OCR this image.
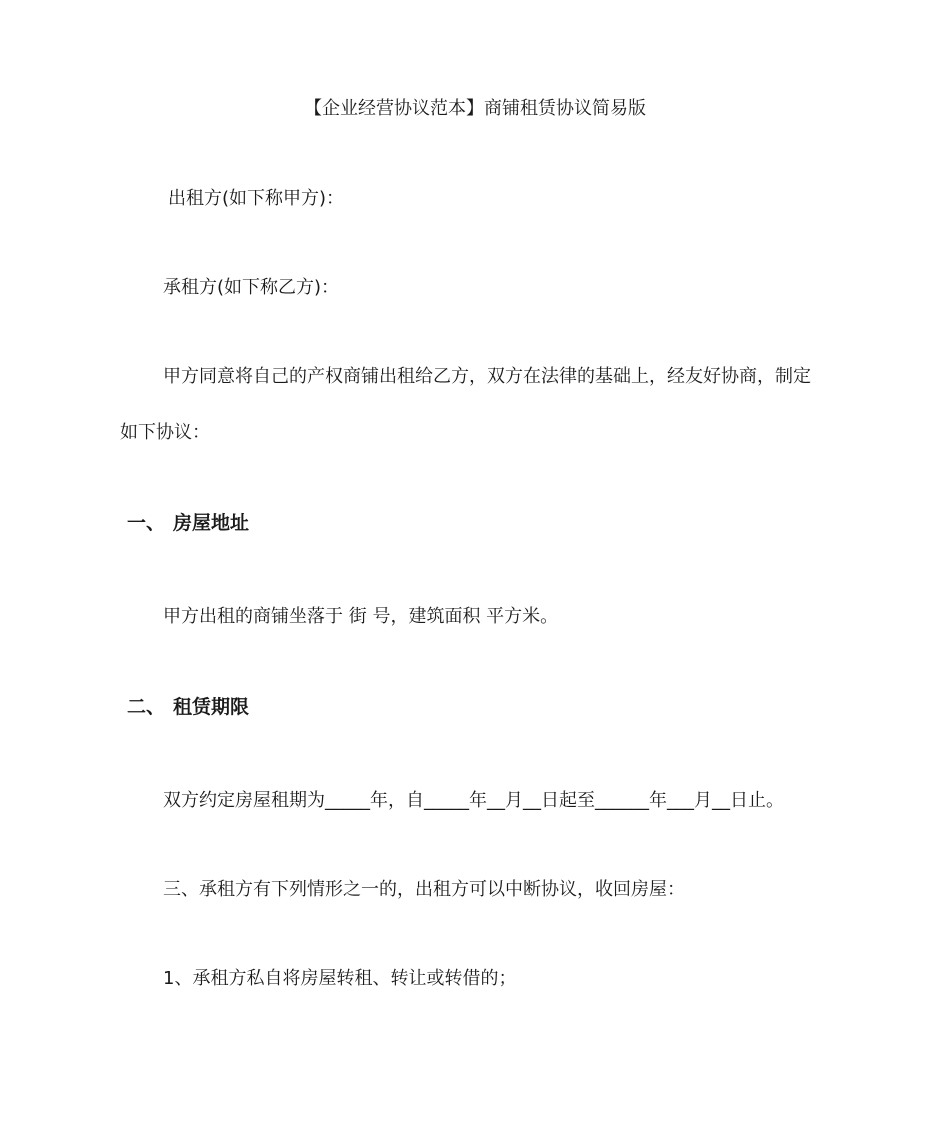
【企业经营协议范本】商铺租赁协议简易版
出租方(如下称甲方)：
承租方(如下称乙方)：
甲方同意将自己的产权商铺出租给乙方，双方在法律的基础上，经友好协商，制定
如下协议：
一、 房屋地址
甲方出租的商铺坐落于 街 号，建筑面积 平方米。
二、 租赁期限
双方约定房屋租期为_____年，自_____年__月__日起至______年___月__日止。
三、承租方有下列情形之一的，出租方可以中断协议，收回房屋：
1、承租方私自将房屋转租、转让或转借的；
